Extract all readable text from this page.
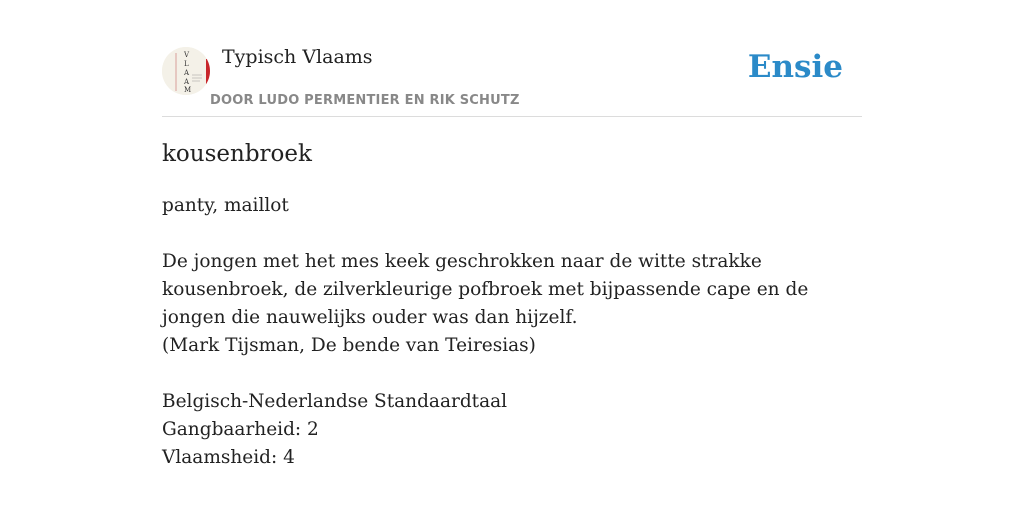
V
L
A
A
M
Typisch Vlaams
DOOR LUDO PERMENTIER EN RIK SCHUTZ
Ensie
kousenbroek

panty, maillot

De jongen met het mes keek geschrokken naar de witte strakke kousenbroek, de zilverkleurige pofbroek met bijpassende cape en de jongen die nauwelijks ouder was dan hijzelf.

(Mark Tijsman, De bende van Teiresias)

Belgisch-Nederlandse Standaardtaal

Gangbaarheid: 2

Vlaamsheid: 4
